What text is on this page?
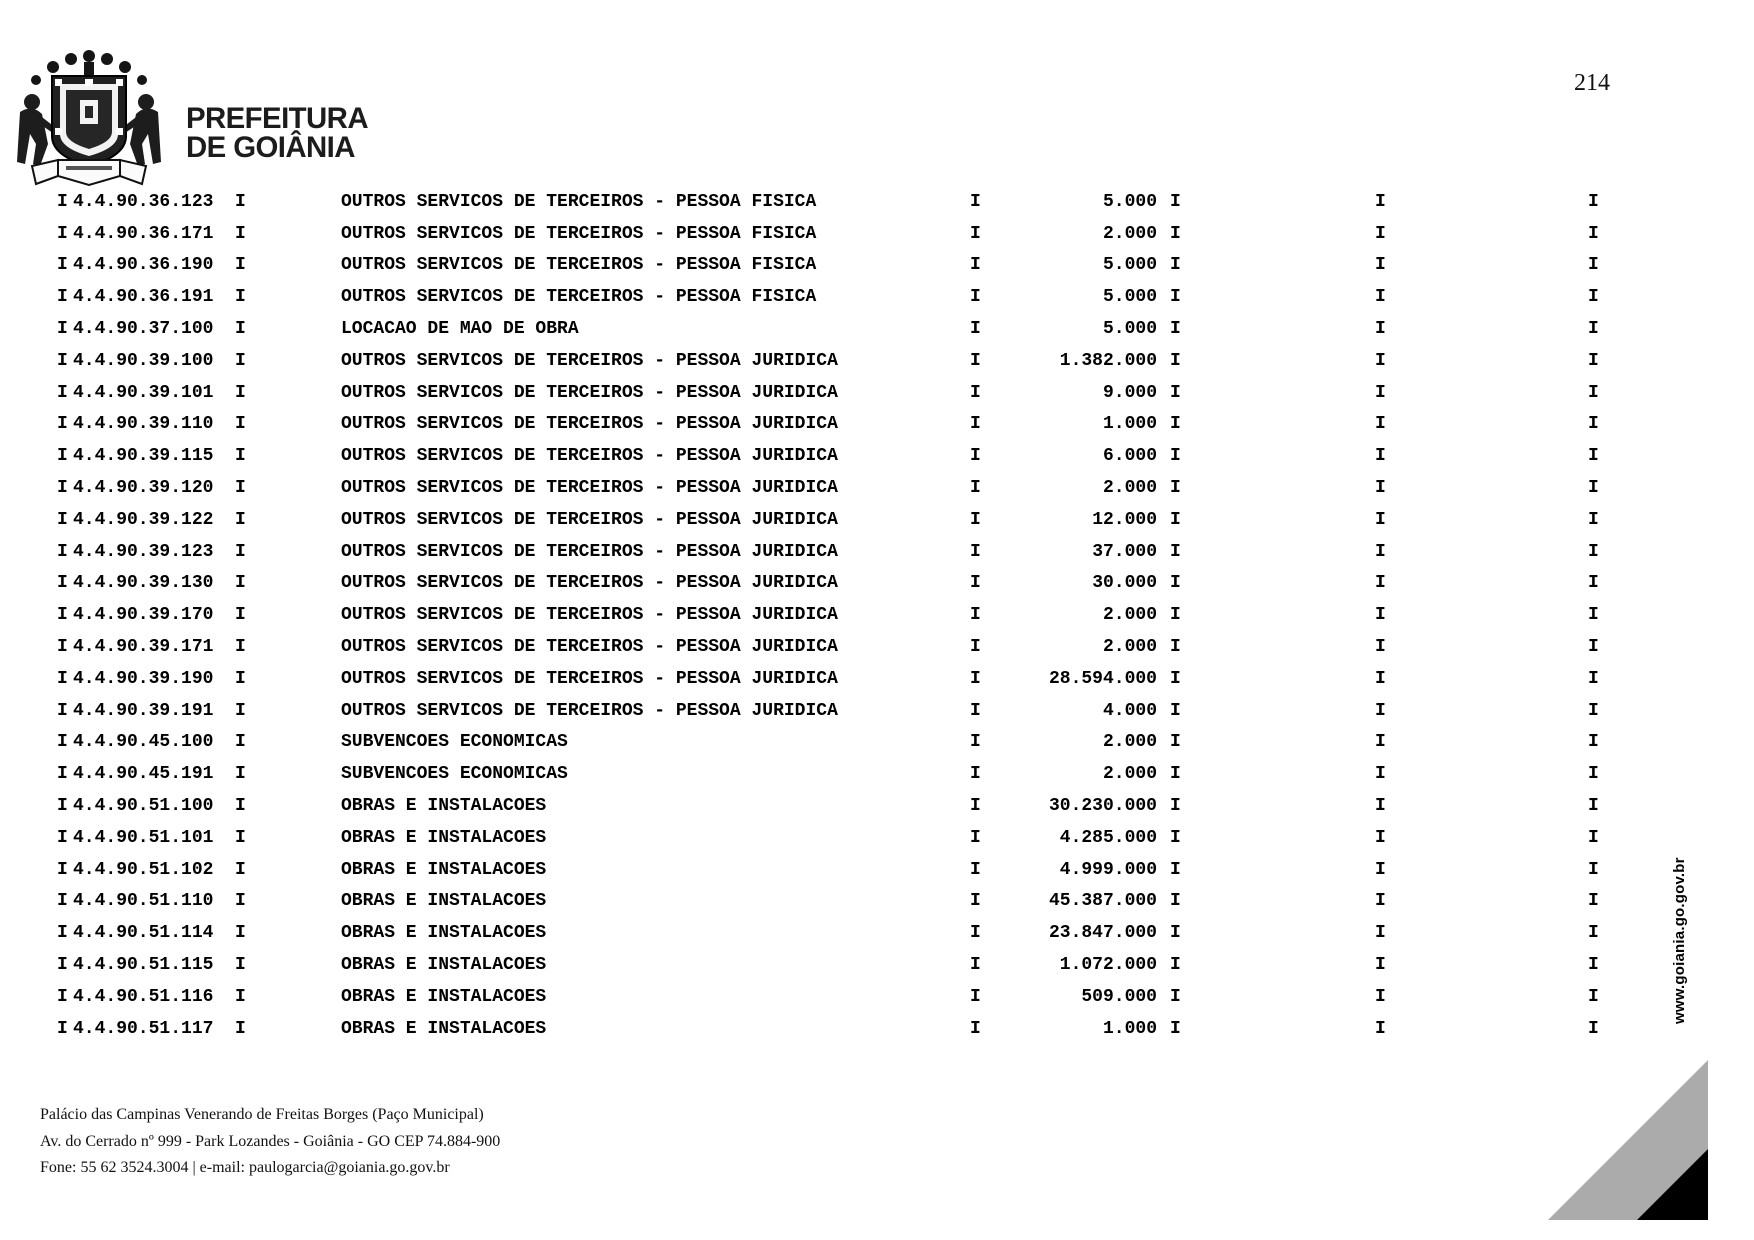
PREFEITURA
DE GOIÂNIA
214
I 4.4.90.36.123	I	OUTROS SERVICOS DE TERCEIROS - PESSOA FISICA	I	5.000 I	I	I
I 4.4.90.36.171	I	OUTROS SERVICOS DE TERCEIROS - PESSOA FISICA	I	2.000 I	I	I
I 4.4.90.36.190	I	OUTROS SERVICOS DE TERCEIROS - PESSOA FISICA	I	5.000 I	I	I
I 4.4.90.36.191	I	OUTROS SERVICOS DE TERCEIROS - PESSOA FISICA	I	5.000 I	I	I
I 4.4.90.37.100	I	LOCACAO DE MAO DE OBRA	I	5.000 I	I	I
I 4.4.90.39.100	I	OUTROS SERVICOS DE TERCEIROS - PESSOA JURIDICA	I	1.382.000 I	I	I
I 4.4.90.39.101	I	OUTROS SERVICOS DE TERCEIROS - PESSOA JURIDICA	I	9.000 I	I	I
I 4.4.90.39.110	I	OUTROS SERVICOS DE TERCEIROS - PESSOA JURIDICA	I	1.000 I	I	I
I 4.4.90.39.115	I	OUTROS SERVICOS DE TERCEIROS - PESSOA JURIDICA	I	6.000 I	I	I
I 4.4.90.39.120	I	OUTROS SERVICOS DE TERCEIROS - PESSOA JURIDICA	I	2.000 I	I	I
I 4.4.90.39.122	I	OUTROS SERVICOS DE TERCEIROS - PESSOA JURIDICA	I	12.000 I	I	I
I 4.4.90.39.123	I	OUTROS SERVICOS DE TERCEIROS - PESSOA JURIDICA	I	37.000 I	I	I
I 4.4.90.39.130	I	OUTROS SERVICOS DE TERCEIROS - PESSOA JURIDICA	I	30.000 I	I	I
I 4.4.90.39.170	I	OUTROS SERVICOS DE TERCEIROS - PESSOA JURIDICA	I	2.000 I	I	I
I 4.4.90.39.171	I	OUTROS SERVICOS DE TERCEIROS - PESSOA JURIDICA	I	2.000 I	I	I
I 4.4.90.39.190	I	OUTROS SERVICOS DE TERCEIROS - PESSOA JURIDICA	I	28.594.000 I	I	I
I 4.4.90.39.191	I	OUTROS SERVICOS DE TERCEIROS - PESSOA JURIDICA	I	4.000 I	I	I
I 4.4.90.45.100	I	SUBVENCOES ECONOMICAS	I	2.000 I	I	I
I 4.4.90.45.191	I	SUBVENCOES ECONOMICAS	I	2.000 I	I	I
I 4.4.90.51.100	I	OBRAS E INSTALACOES	I	30.230.000 I	I	I
I 4.4.90.51.101	I	OBRAS E INSTALACOES	I	4.285.000 I	I	I
I 4.4.90.51.102	I	OBRAS E INSTALACOES	I	4.999.000 I	I	I
I 4.4.90.51.110	I	OBRAS E INSTALACOES	I	45.387.000 I	I	I
I 4.4.90.51.114	I	OBRAS E INSTALACOES	I	23.847.000 I	I	I
I 4.4.90.51.115	I	OBRAS E INSTALACOES	I	1.072.000 I	I	I
I 4.4.90.51.116	I	OBRAS E INSTALACOES	I	509.000 I	I	I
I 4.4.90.51.117	I	OBRAS E INSTALACOES	I	1.000 I	I	I
www.goiania.go.gov.br
Palácio das Campinas Venerando de Freitas Borges (Paço Municipal)
Av. do Cerrado nº 999 - Park Lozandes - Goiânia - GO CEP 74.884-900
Fone: 55 62 3524.3004 | e-mail: paulogarcia@goiania.go.gov.br
